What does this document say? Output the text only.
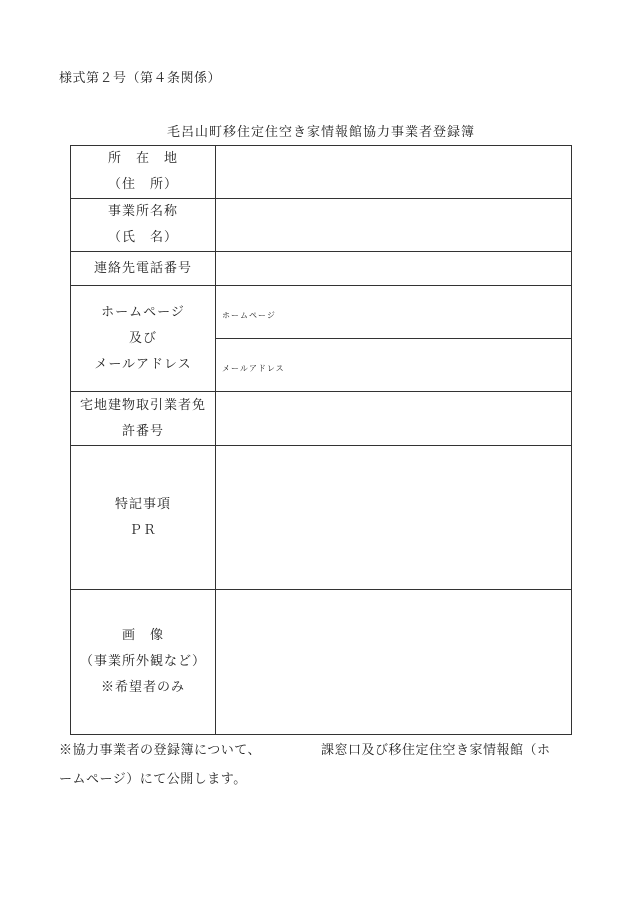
様式第２号（第４条関係）
毛呂山町移住定住空き家情報館協力事業者登録簿
所　在　地
（住　所）	

事業所名称
（氏　名）	

連絡先電話番号	

ホームページ
及び
メールアドレス	ホームページ

	メールアドレス

宅地建物取引業者免
許番号	

特記事項
ＰＲ	

画　像
（事業所外観など）
※希望者のみ	

※協力事業者の登録簿について、	課窓口及び移住定住空き家情報館（ホ
ームページ）にて公開します。
